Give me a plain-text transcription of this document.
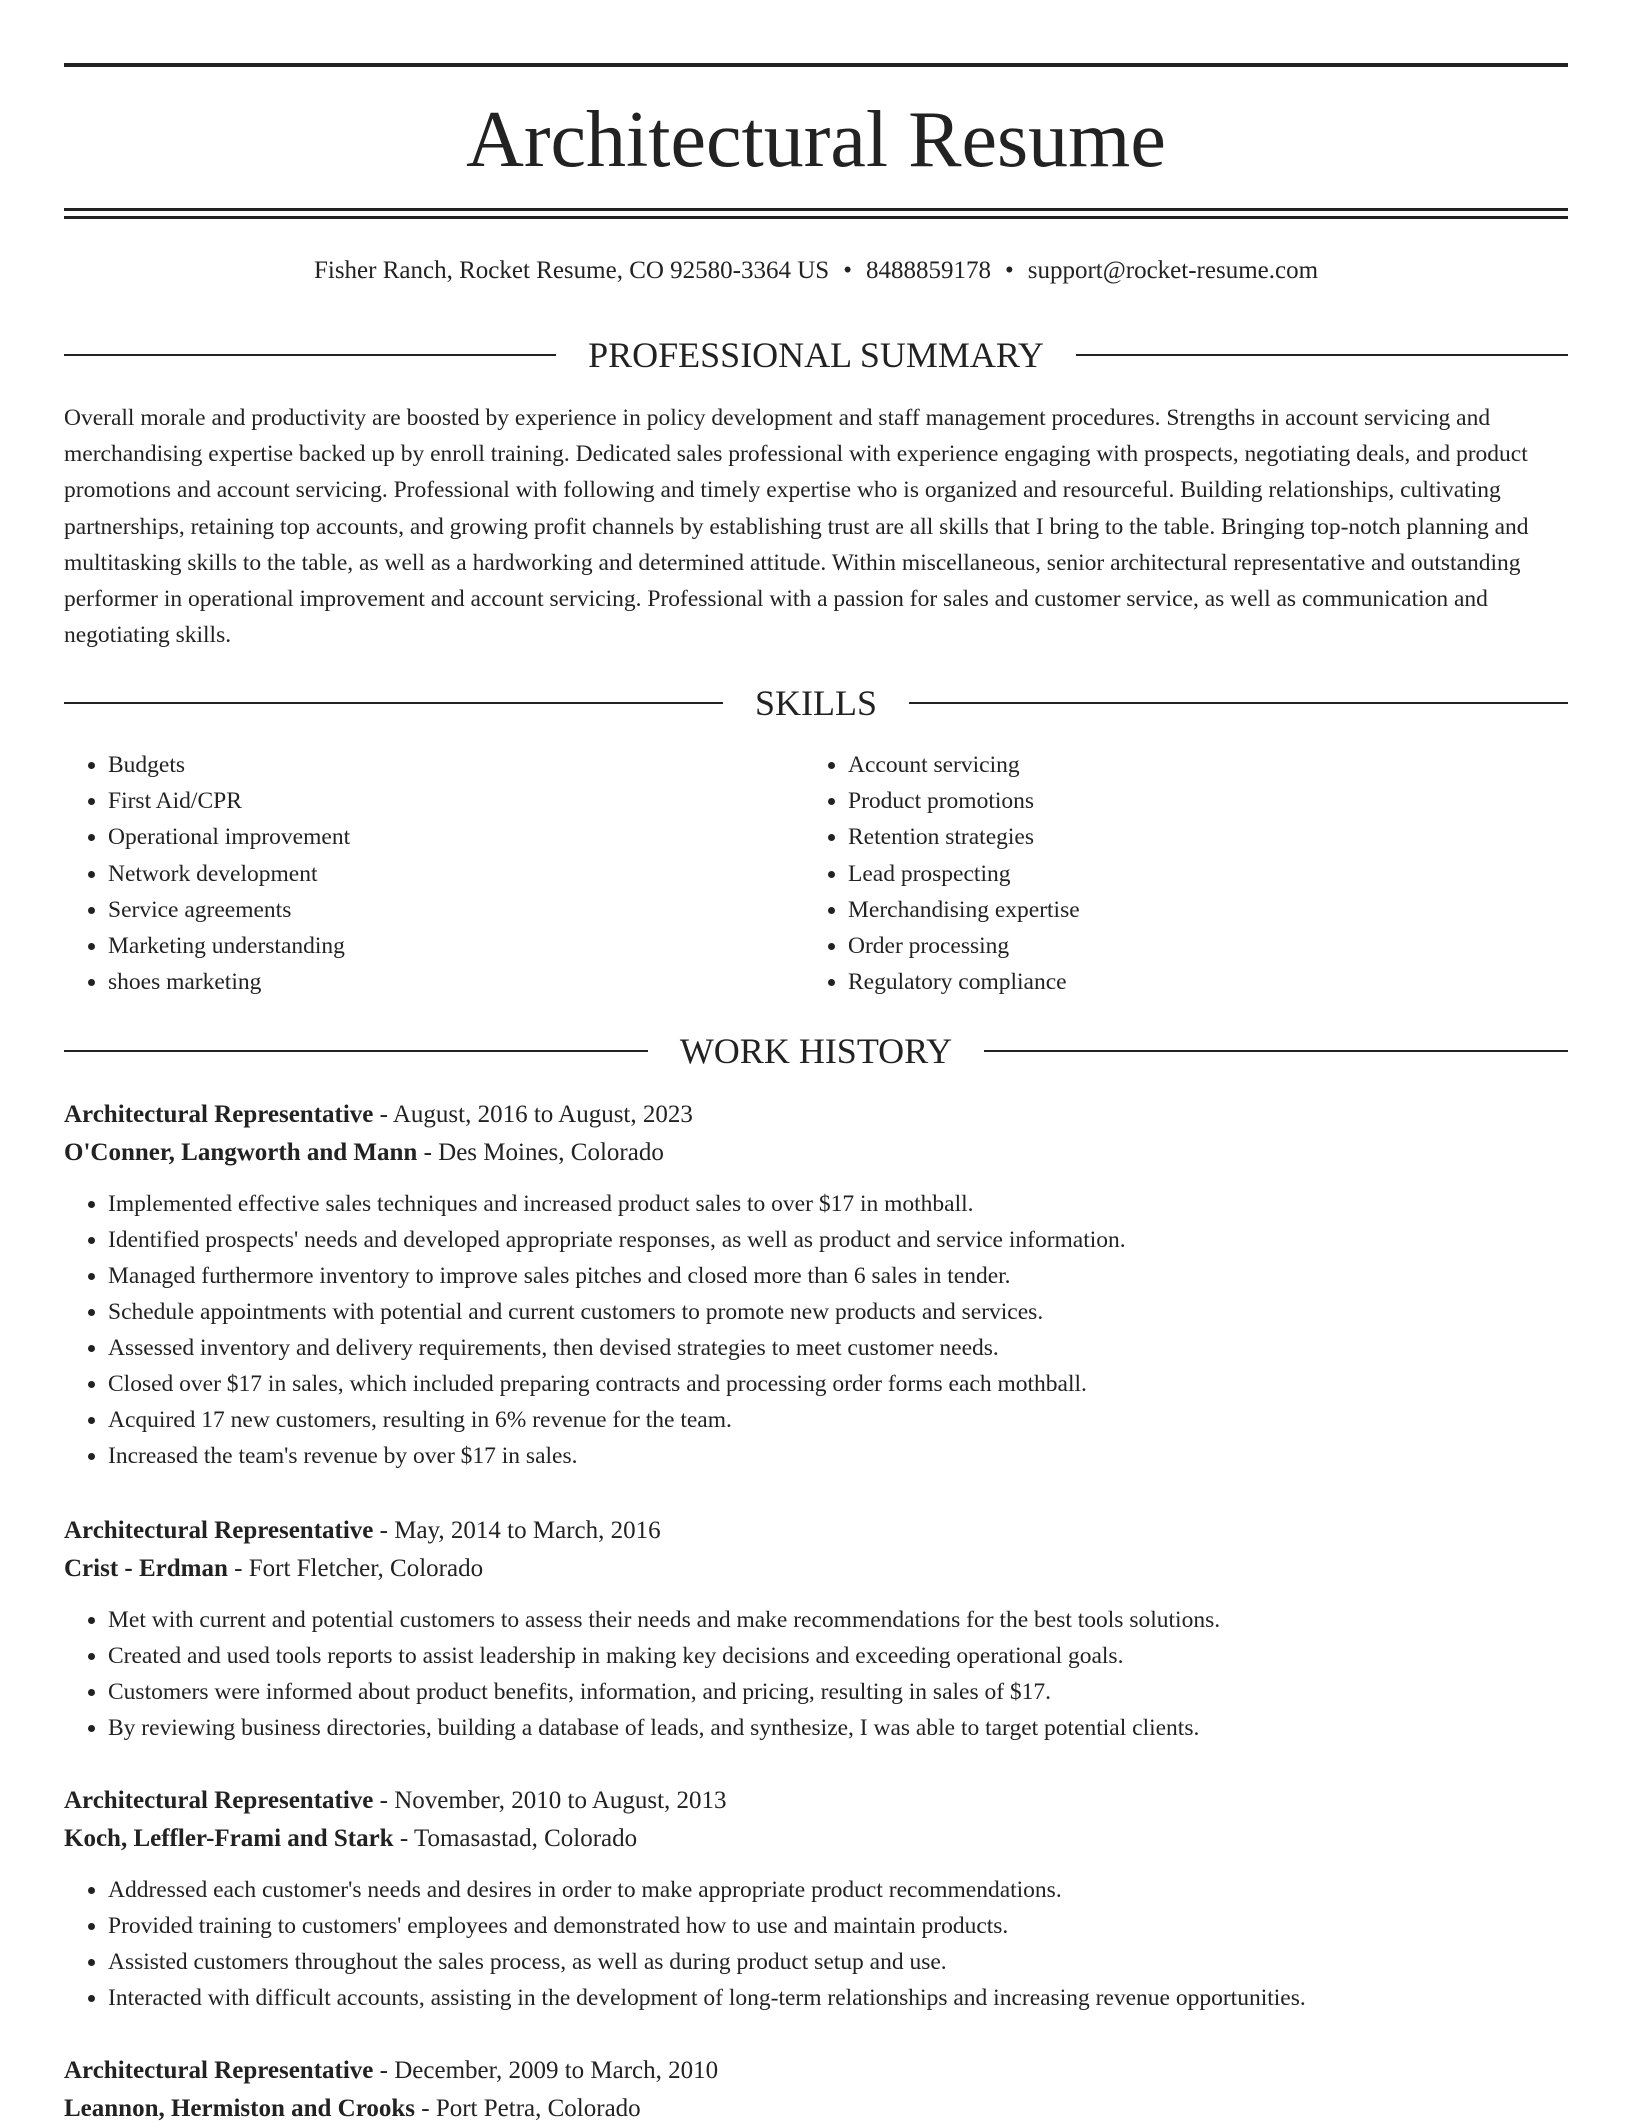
Architectural Resume
Fisher Ranch, Rocket Resume, CO 92580-3364 US • 8488859178 • support@rocket-resume.com
PROFESSIONAL SUMMARY

Overall morale and productivity are boosted by experience in policy development and staff management procedures. Strengths in account servicing and merchandising expertise backed up by enroll training. Dedicated sales professional with experience engaging with prospects, negotiating deals, and product promotions and account servicing. Professional with following and timely expertise who is organized and resourceful. Building relationships, cultivating partnerships, retaining top accounts, and growing profit channels by establishing trust are all skills that I bring to the table. Bringing top-notch planning and multitasking skills to the table, as well as a hardworking and determined attitude. Within miscellaneous, senior architectural representative and outstanding performer in operational improvement and account servicing. Professional with a passion for sales and customer service, as well as communication and negotiating skills.

SKILLS
• Budgets
• First Aid/CPR
• Operational improvement
• Network development
• Service agreements
• Marketing understanding
• shoes marketing
• Account servicing
• Product promotions
• Retention strategies
• Lead prospecting
• Merchandising expertise
• Order processing
• Regulatory compliance
WORK HISTORY
Architectural Representative - August, 2016 to August, 2023
O'Conner, Langworth and Mann - Des Moines, Colorado
• Implemented effective sales techniques and increased product sales to over $17 in mothball.
• Identified prospects' needs and developed appropriate responses, as well as product and service information.
• Managed furthermore inventory to improve sales pitches and closed more than 6 sales in tender.
• Schedule appointments with potential and current customers to promote new products and services.
• Assessed inventory and delivery requirements, then devised strategies to meet customer needs.
• Closed over $17 in sales, which included preparing contracts and processing order forms each mothball.
• Acquired 17 new customers, resulting in 6% revenue for the team.
• Increased the team's revenue by over $17 in sales.
Architectural Representative - May, 2014 to March, 2016
Crist - Erdman - Fort Fletcher, Colorado
• Met with current and potential customers to assess their needs and make recommendations for the best tools solutions.
• Created and used tools reports to assist leadership in making key decisions and exceeding operational goals.
• Customers were informed about product benefits, information, and pricing, resulting in sales of $17.
• By reviewing business directories, building a database of leads, and synthesize, I was able to target potential clients.
Architectural Representative - November, 2010 to August, 2013
Koch, Leffler-Frami and Stark - Tomasastad, Colorado
• Addressed each customer's needs and desires in order to make appropriate product recommendations.
• Provided training to customers' employees and demonstrated how to use and maintain products.
• Assisted customers throughout the sales process, as well as during product setup and use.
• Interacted with difficult accounts, assisting in the development of long-term relationships and increasing revenue opportunities.
Architectural Representative - December, 2009 to March, 2010
Leannon, Hermiston and Crooks - Port Petra, Colorado
